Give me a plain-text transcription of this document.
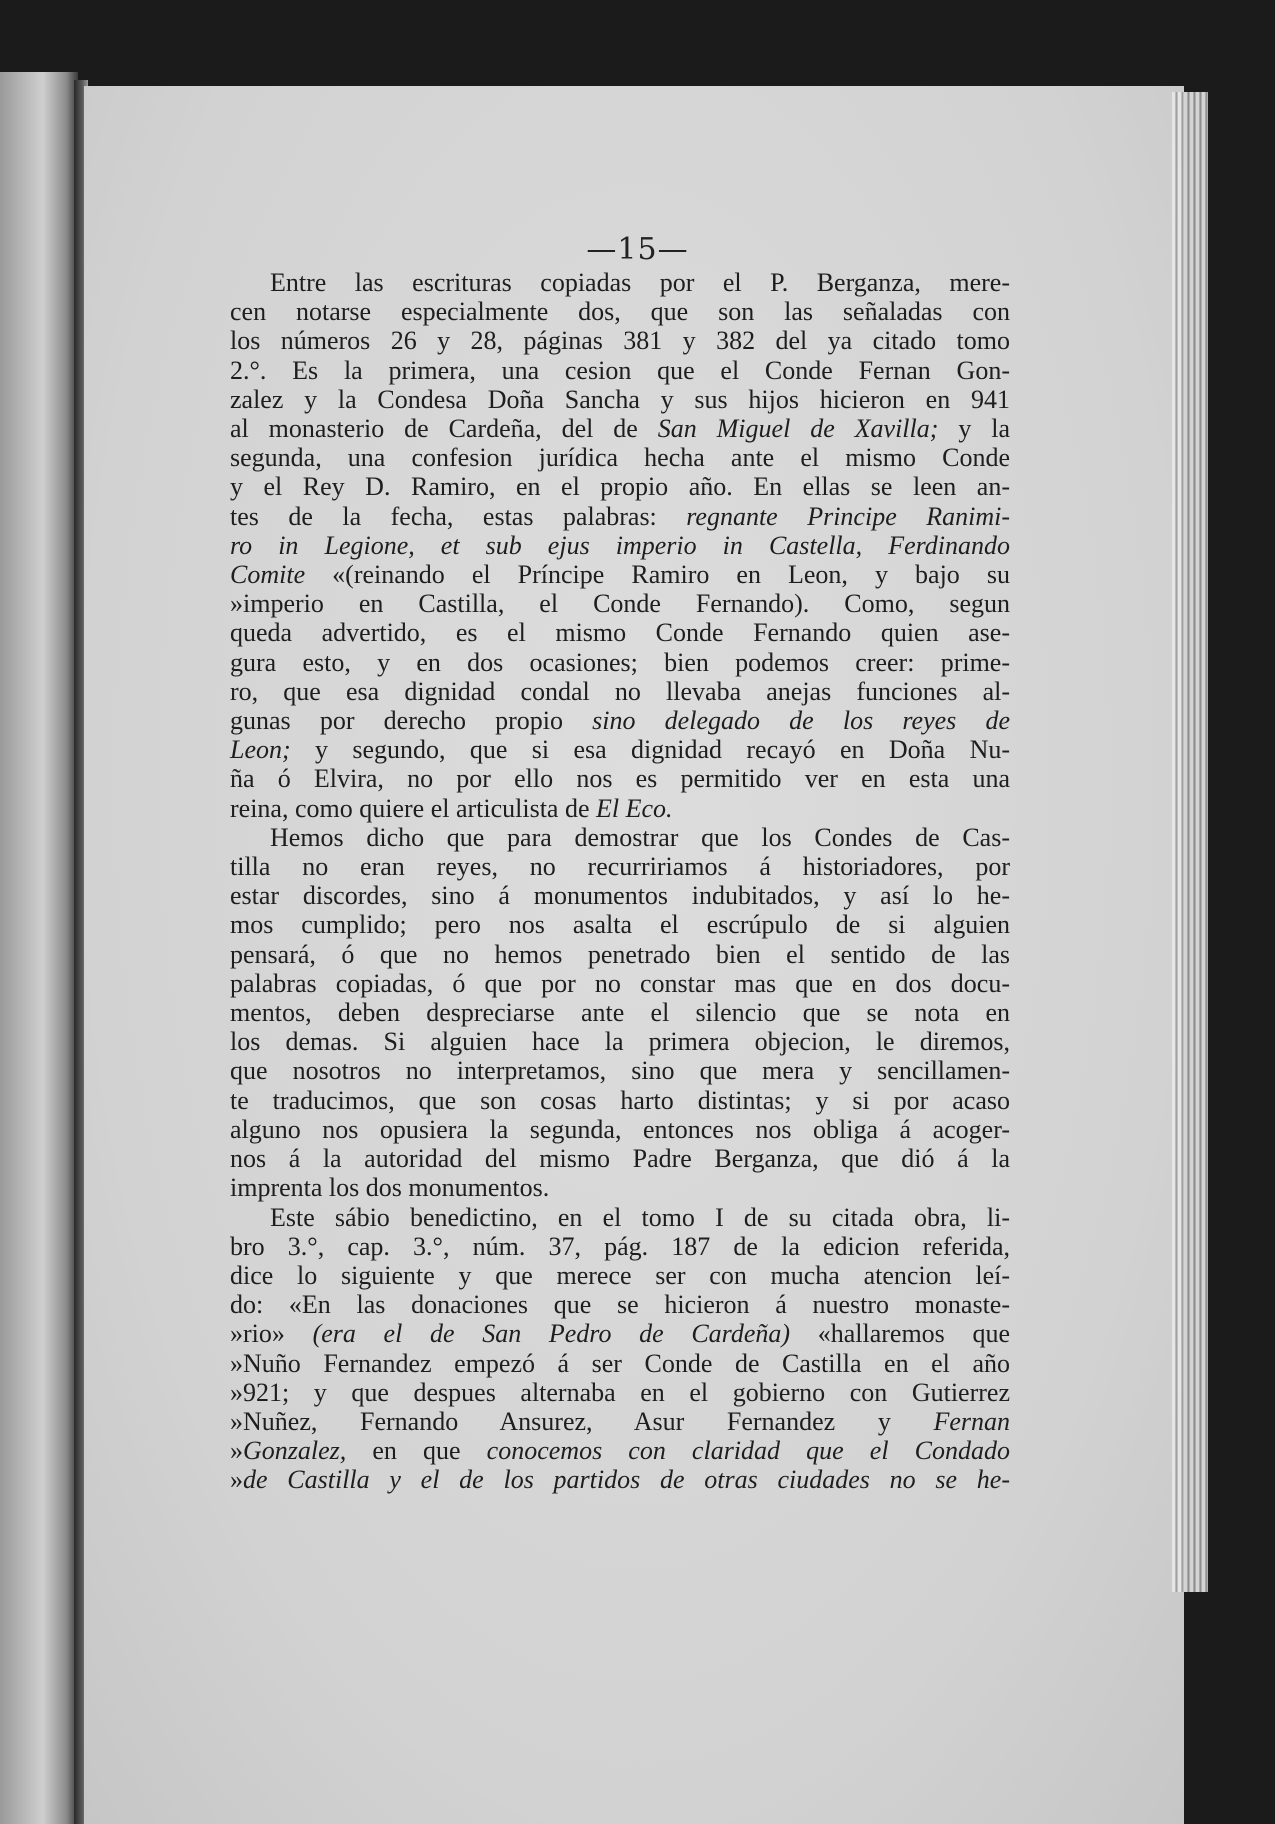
—15—
Entre las escrituras copiadas por el P. Berganza, mere-
cen notarse especialmente dos, que son las señaladas con
los números 26 y 28, páginas 381 y 382 del ya citado tomo
2.°. Es la primera, una cesion que el Conde Fernan Gon-
zalez y la Condesa Doña Sancha y sus hijos hicieron en 941
al monasterio de Cardeña, del de San Miguel de Xavilla; y la
segunda, una confesion jurídica hecha ante el mismo Conde
y el Rey D. Ramiro, en el propio año. En ellas se leen an-
tes de la fecha, estas palabras: regnante Principe Ranimi-
ro in Legione, et sub ejus imperio in Castella, Ferdinando
Comite «(reinando el Príncipe Ramiro en Leon, y bajo su
»imperio en Castilla, el Conde Fernando). Como, segun
queda advertido, es el mismo Conde Fernando quien ase-
gura esto, y en dos ocasiones; bien podemos creer: prime-
ro, que esa dignidad condal no llevaba anejas funciones al-
gunas por derecho propio sino delegado de los reyes de
Leon; y segundo, que si esa dignidad recayó en Doña Nu-
ña ó Elvira, no por ello nos es permitido ver en esta una
reina, como quiere el articulista de El Eco.
Hemos dicho que para demostrar que los Condes de Cas-
tilla no eran reyes, no recurririamos á historiadores, por
estar discordes, sino á monumentos indubitados, y así lo he-
mos cumplido; pero nos asalta el escrúpulo de si alguien
pensará, ó que no hemos penetrado bien el sentido de las
palabras copiadas, ó que por no constar mas que en dos docu-
mentos, deben despreciarse ante el silencio que se nota en
los demas. Si alguien hace la primera objecion, le diremos,
que nosotros no interpretamos, sino que mera y sencillamen-
te traducimos, que son cosas harto distintas; y si por acaso
alguno nos opusiera la segunda, entonces nos obliga á acoger-
nos á la autoridad del mismo Padre Berganza, que dió á la
imprenta los dos monumentos.
Este sábio benedictino, en el tomo I de su citada obra, li-
bro 3.°, cap. 3.°, núm. 37, pág. 187 de la edicion referida,
dice lo siguiente y que merece ser con mucha atencion leí-
do: «En las donaciones que se hicieron á nuestro monaste-
»rio» (era el de San Pedro de Cardeña) «hallaremos que
»Nuño Fernandez empezó á ser Conde de Castilla en el año
»921; y que despues alternaba en el gobierno con Gutierrez
»Nuñez, Fernando Ansurez, Asur Fernandez y Fernan
»Gonzalez, en que conocemos con claridad que el Condado
»de Castilla y el de los partidos de otras ciudades no se he-
